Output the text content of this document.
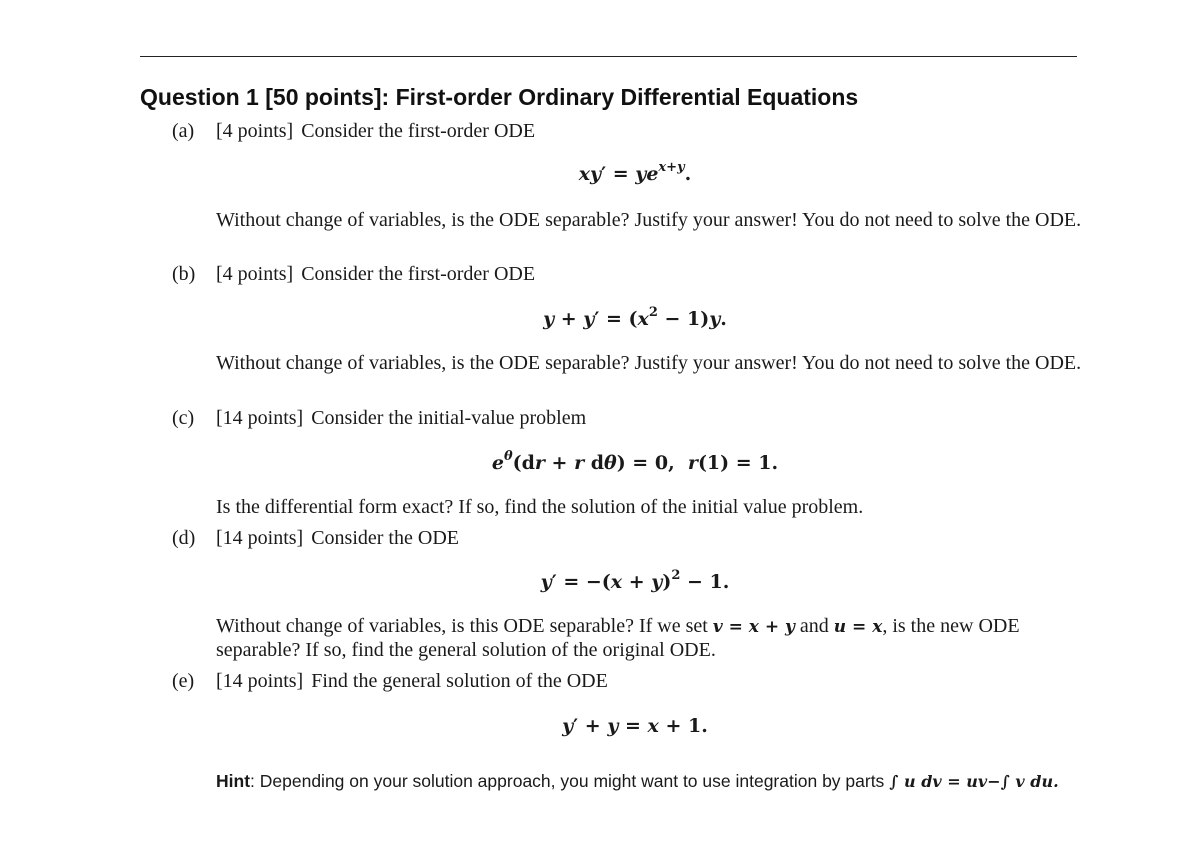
Question 1 [50 points]: First-order Ordinary Differential Equations
(a) [4 points] Consider the first-order ODE
$xy' = ye^{x+y}$.
Without change of variables, is the ODE separable? Justify your answer! You do not need to solve the ODE.
(b) [4 points] Consider the first-order ODE
$y + y' = (x^2 - 1)y$.
Without change of variables, is the ODE separable? Justify your answer! You do not need to solve the ODE.
(c) [14 points] Consider the initial-value problem
$e^\theta(dr + r$ dθ) = 0,  r(1) = 1.
Is the differential form exact? If so, find the solution of the initial value problem.
(d) [14 points] Consider the ODE
$y' = -(x + y)^2 - 1$.
Without change of variables, is this ODE separable? If we set v = x + y and u = x, is the new ODE separable? If so, find the general solution of the original ODE.
(e) [14 points] Find the general solution of the ODE
y′ + y = x + 1.
Hint: Depending on your solution approach, you might want to use integration by parts ∫ u dv = uv−∫ v du.
